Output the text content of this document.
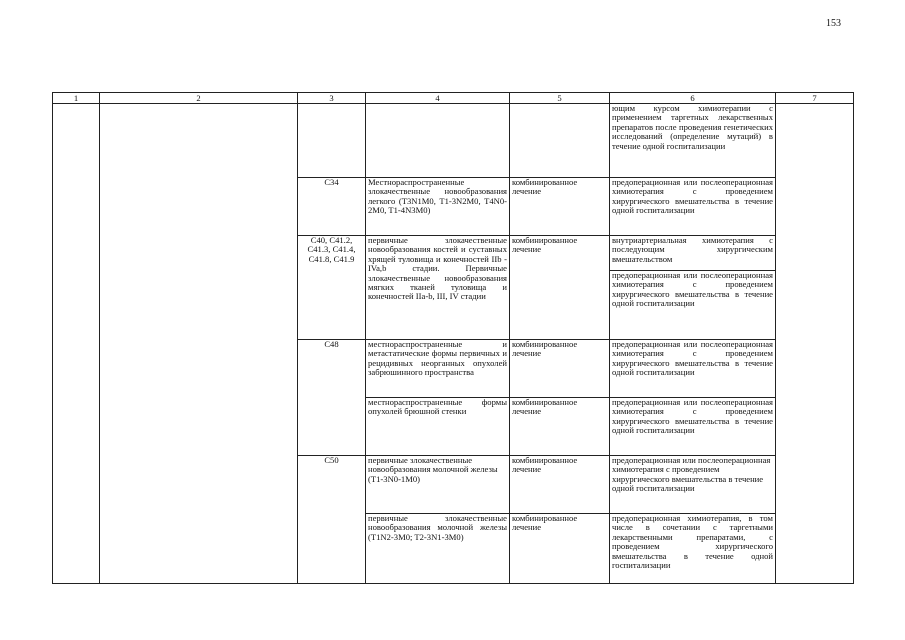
153
1	2	3	4	5	6	7
					ющим курсом химиотерапии с применением таргетных лекарственных препаратов после проведения генетических исследований (определение мутаций) в течение одной госпитализации	
		С34	Местнораспространенные злокачественные новообразования легкого (T3N1M0, T1-3N2M0, T4N0-2M0, T1-4N3M0)	комбинированное лечение	предоперационная или послеоперационная химиотерапия с проведением хирургического вмешательства в течение одной госпитализации	
		С40, С41.2, С41.3, С41.4, С41.8, С41.9	первичные злокачественные новообразования костей и суставных хрящей туловища и конечностей IIb - IVa,b стадии. Первичные злокачественные новообразования мягких тканей туловища и конечностей IIa-b, III, IV стадии	комбинированное лечение	внутриартериальная химиотерапия с последующим хирургическим вмешательством	
					предоперационная или послеоперационная химиотерапия с проведением хирургического вмешательства в течение одной госпитализации	
		С48	местнораспространенные и метастатические формы первичных и рецидивных неорганных опухолей забрюшинного пространства	комбинированное лечение	предоперационная или послеоперационная химиотерапия с проведением хирургического вмешательства в течение одной госпитализации	
			местнораспространенные формы опухолей брюшной стенки	комбинированное лечение	предоперационная или послеоперационная химиотерапия с проведением хирургического вмешательства в течение одной госпитализации	
		С50	первичные злокачественные новообразования молочной железы (T1-3N0-1M0)	комбинированное лечение	предоперационная или послеоперационная химиотерапия с проведением хирургического вмешательства в течение одной госпитализации	
			первичные злокачественные новообразования молочной железы (T1N2-3M0; T2-3N1-3M0)	комбинированное лечение	предоперационная химиотерапия, в том числе в сочетании с таргетными лекарственными препаратами, с проведением хирургического вмешательства в течение одной госпитализации	
